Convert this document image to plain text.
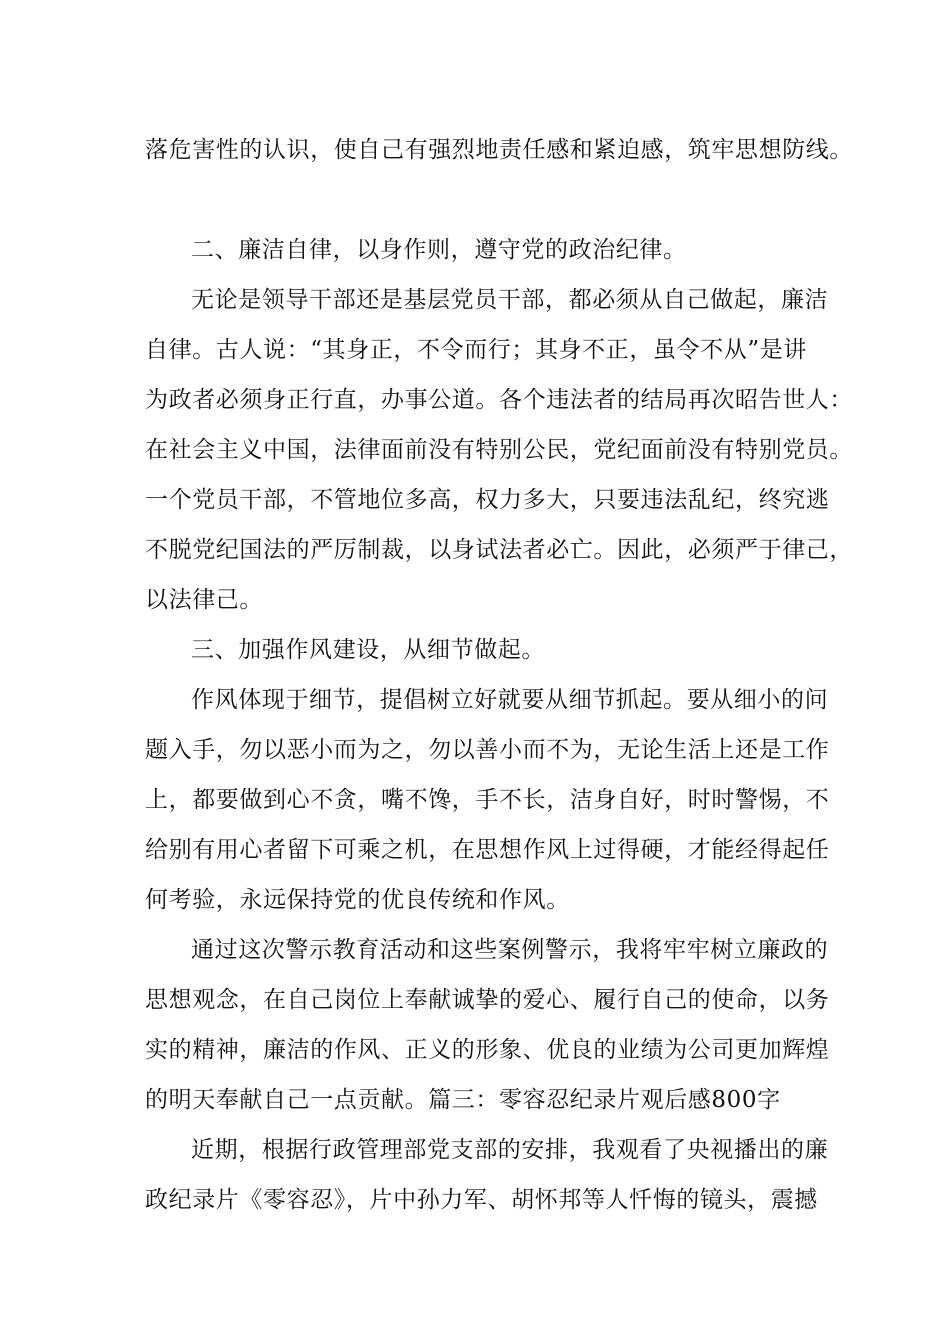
落危害性的认识，使自己有强烈地责任感和紧迫感，筑牢思想防线。
二、廉洁自律，以身作则，遵守党的政治纪律。
无论是领导干部还是基层党员干部，都必须从自己做起，廉洁
自律。古人说：“其身正，不令而行；其身不正，虽令不从”是讲
为政者必须身正行直，办事公道。各个违法者的结局再次昭告世人：
在社会主义中国，法律面前没有特别公民，党纪面前没有特别党员。
一个党员干部，不管地位多高，权力多大，只要违法乱纪，终究逃
不脱党纪国法的严厉制裁，以身试法者必亡。因此，必须严于律己，
以法律己。
三、加强作风建设，从细节做起。
作风体现于细节，提倡树立好就要从细节抓起。要从细小的问
题入手，勿以恶小而为之，勿以善小而不为，无论生活上还是工作
上，都要做到心不贪，嘴不馋，手不长，洁身自好，时时警惕，不
给别有用心者留下可乘之机，在思想作风上过得硬，才能经得起任
何考验，永远保持党的优良传统和作风。
通过这次警示教育活动和这些案例警示，我将牢牢树立廉政的
思想观念，在自己岗位上奉献诚挚的爱心、履行自己的使命，以务
实的精神，廉洁的作风、正义的形象、优良的业绩为公司更加辉煌
的明天奉献自己一点贡献。篇三：零容忍纪录片观后感800字
近期，根据行政管理部党支部的安排，我观看了央视播出的廉
政纪录片《零容忍》，片中孙力军、胡怀邦等人忏悔的镜头，震撼
